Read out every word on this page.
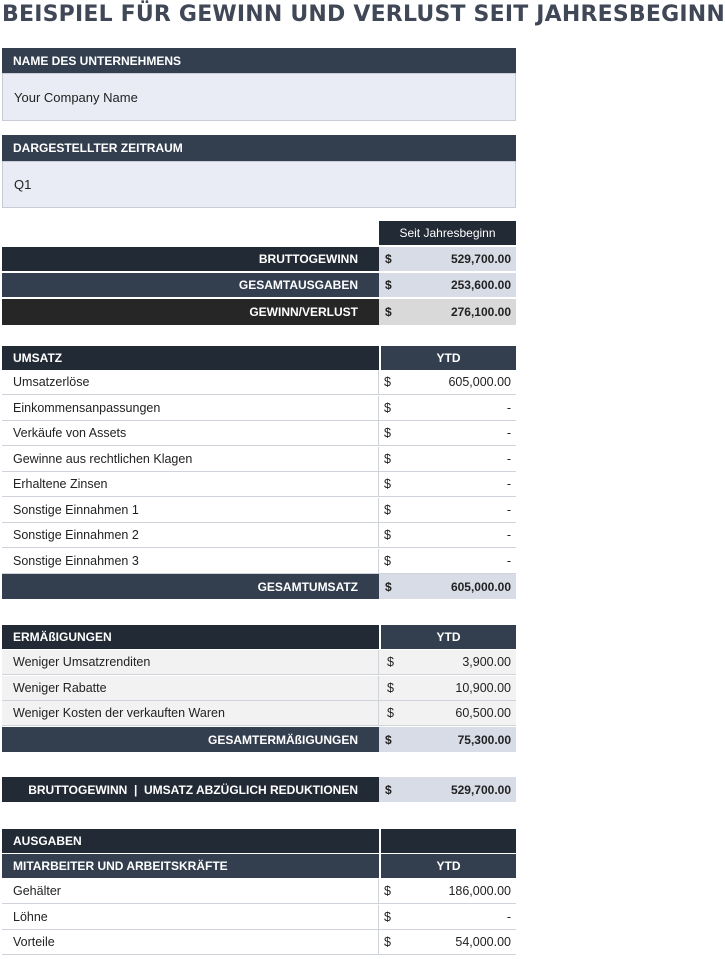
BEISPIEL FÜR GEWINN UND VERLUST SEIT JAHRESBEGINN
NAME DES UNTERNEHMENS
Your Company Name
DARGESTELLTER ZEITRAUM
Q1
Seit Jahresbeginn
BRUTTOGEWINN	$	529,700.00
GESAMTAUSGABEN	$	253,600.00
GEWINN/VERLUST	$	276,100.00
UMSATZ	YTD
Umsatzerlöse	$	605,000.00
Einkommensanpassungen	$	-
Verkäufe von Assets	$	-
Gewinne aus rechtlichen Klagen	$	-
Erhaltene Zinsen	$	-
Sonstige Einnahmen 1	$	-
Sonstige Einnahmen 2	$	-
Sonstige Einnahmen 3	$	-
GESAMTUMSATZ	$	605,000.00
ERMÄßIGUNGEN	YTD
Weniger Umsatzrenditen	$	3,900.00
Weniger Rabatte	$	10,900.00
Weniger Kosten der verkauften Waren	$	60,500.00
GESAMTERMÄßIGUNGEN	$	75,300.00
BRUTTOGEWINN  |  UMSATZ ABZÜGLICH REDUKTIONEN	$	529,700.00
AUSGABEN
MITARBEITER UND ARBEITSKRÄFTE	YTD
Gehälter	$	186,000.00
Löhne	$	-
Vorteile	$	54,000.00
